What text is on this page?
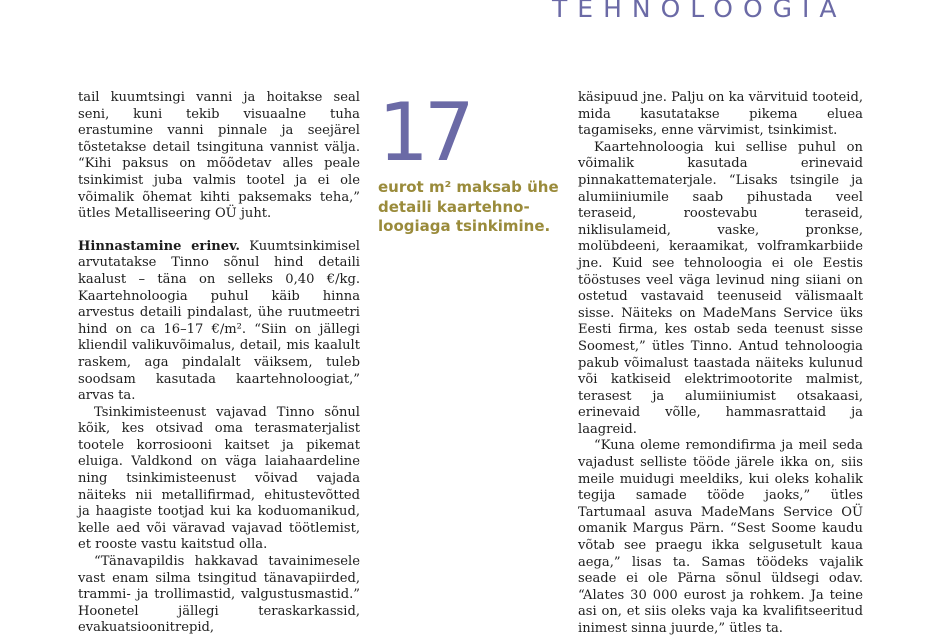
TEHNOLOOGIA

tail kuumtsingi vanni ja hoitakse seal seni, kuni tekib visuaalne tuha erastumine vanni pinnale ja seejärel tõstetakse detail tsingituna vannist välja. “Kihi paksus on mõõdetav alles peale tsinkimist juba valmis tootel ja ei ole võimalik õhemat kihti paksemaks teha,” ütles Metalliseering OÜ juht.

Hinnastamine erinev. Kuumtsinkimisel arvutatakse Tinno sõnul hind detaili kaalust – täna on selleks 0,40 €/kg. Kaartehnoloogia puhul käib hinna arvestus detaili pindalast, ühe ruutmeetri hind on ca 16–17 €/m². “Siin on jällegi kliendil valikuvõimalus, detail, mis kaalult raskem, aga pindalalt väiksem, tuleb soodsam kasutada kaartehnoloogiat,” arvas ta.

Tsinkimisteenust vajavad Tinno sõnul kõik, kes otsivad oma terasmaterjalist tootele korrosiooni kaitset ja pikemat eluiga. Valdkond on väga laiahaardeline ning tsinkimisteenust võivad vajada näiteks nii metallifirmad, ehitustevõtted ja haagiste tootjad kui ka koduomanikud, kelle aed või väravad vajavad töötlemist, et rooste vastu kaitstud olla.

“Tänavapildis hakkavad tavainimesele vast enam silma tsingitud tänavapiirded, trammi- ja trollimastid, valgustusmastid.” Hoonetel jällegi teraskarkassid, evakuatsioonitrepid,

17
eurot m² maksab ühe detaili kaartehno-loogiaga tsinkimine.

käsipuud jne. Palju on ka värvituid tooteid, mida kasutatakse pikema eluea tagamiseks, enne värvimist, tsinkimist.

Kaartehnoloogia kui sellise puhul on võimalik kasutada erinevaid pinnakattematerjale. “Lisaks tsingile ja alumiiniumile saab pihustada veel teraseid, roostevabu teraseid, niklisulameid, vaske, pronkse, molübdeeni, keraamikat, volframkarbiide jne. Kuid see tehnoloogia ei ole Eestis tööstuses veel väga levinud ning siiani on ostetud vastavaid teenuseid välismaalt sisse. Näiteks on MadeMans Service üks Eesti firma, kes ostab seda teenust sisse Soomest,” ütles Tinno. Antud tehnoloogia pakub võimalust taastada näiteks kulunud või katkiseid elektrimootorite malmist, terasest ja alumiiniumist otsakaasi, erinevaid võlle, hammasrattaid ja laagreid.

“Kuna oleme remondifirma ja meil seda vajadust selliste tööde järele ikka on, siis meile muidugi meeldiks, kui oleks kohalik tegija samade tööde jaoks,” ütles Tartumaal asuva MadeMans Service OÜ omanik Margus Pärn. “Sest Soome kaudu võtab see praegu ikka selgusetult kaua aega,” lisas ta. Samas töödeks vajalik seade ei ole Pärna sõnul üldsegi odav. “Alates 30 000 eurost ja rohkem. Ja teine asi on, et siis oleks vaja ka kvalifitseeritud inimest sinna juurde,” ütles ta.
